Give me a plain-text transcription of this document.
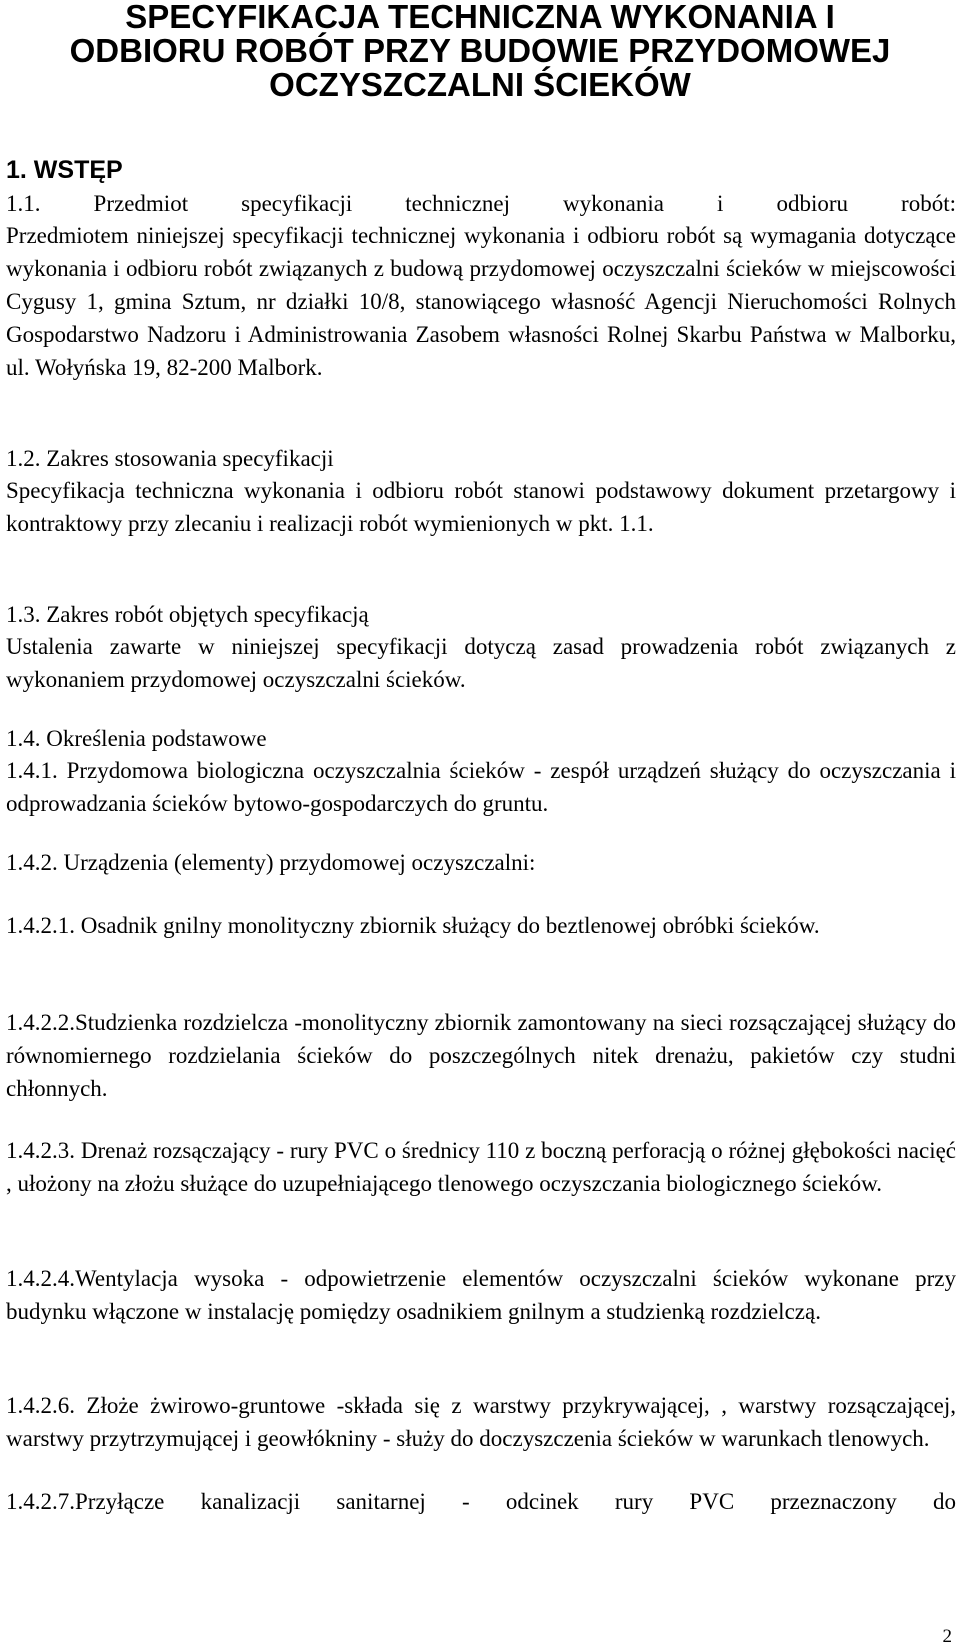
SPECYFIKACJA TECHNICZNA WYKONANIA I
ODBIORU ROBÓT PRZY BUDOWIE PRZYDOMOWEJ
OCZYSZCZALNI ŚCIEKÓW
1. WSTĘP

1.1. Przedmiot specyfikacji technicznej wykonania i odbioru robót:

Przedmiotem niniejszej specyfikacji technicznej wykonania i odbioru robót są wymagania dotyczące wykonania i odbioru robót związanych z budową przydomowej oczyszczalni ścieków w miejscowości Cygusy 1, gmina Sztum, nr działki 10/8, stanowiącego własność Agencji Nieruchomości Rolnych Gospodarstwo Nadzoru i Administrowania Zasobem własności Rolnej Skarbu Państwa w Malborku, ul. Wołyńska 19, 82-200 Malbork.

1.2. Zakres stosowania specyfikacji

Specyfikacja techniczna wykonania i odbioru robót stanowi podstawowy dokument przetargowy i kontraktowy przy zlecaniu i realizacji robót wymienionych w pkt. 1.1.

1.3. Zakres robót objętych specyfikacją

Ustalenia zawarte w niniejszej specyfikacji dotyczą zasad prowadzenia robót związanych z wykonaniem przydomowej oczyszczalni ścieków.

1.4. Określenia podstawowe

1.4.1. Przydomowa biologiczna oczyszczalnia ścieków - zespół urządzeń służący do oczyszczania i odprowadzania ścieków bytowo-gospodarczych do gruntu.

1.4.2. Urządzenia (elementy) przydomowej oczyszczalni:

1.4.2.1. Osadnik gnilny monolityczny zbiornik służący do beztlenowej obróbki ścieków.

1.4.2.2.Studzienka rozdzielcza -monolityczny zbiornik zamontowany na sieci rozsączającej służący do równomiernego rozdzielania ścieków do poszczególnych nitek drenażu, pakietów czy studni chłonnych.

1.4.2.3. Drenaż rozsączający - rury PVC o średnicy 110 z boczną perforacją o różnej głębokości nacięć , ułożony na złożu służące do uzupełniającego tlenowego oczyszczania biologicznego ścieków.

1.4.2.4.Wentylacja wysoka - odpowietrzenie elementów oczyszczalni ścieków wykonane przy budynku włączone w instalację pomiędzy osadnikiem gnilnym a studzienką rozdzielczą.

1.4.2.6. Złoże żwirowo-gruntowe -składa się z warstwy przykrywającej, , warstwy rozsączającej, warstwy przytrzymującej i geowłókniny - służy do doczyszczenia ścieków w warunkach tlenowych.

1.4.2.7.Przyłącze kanalizacji sanitarnej - odcinek rury PVC przeznaczony do

2
